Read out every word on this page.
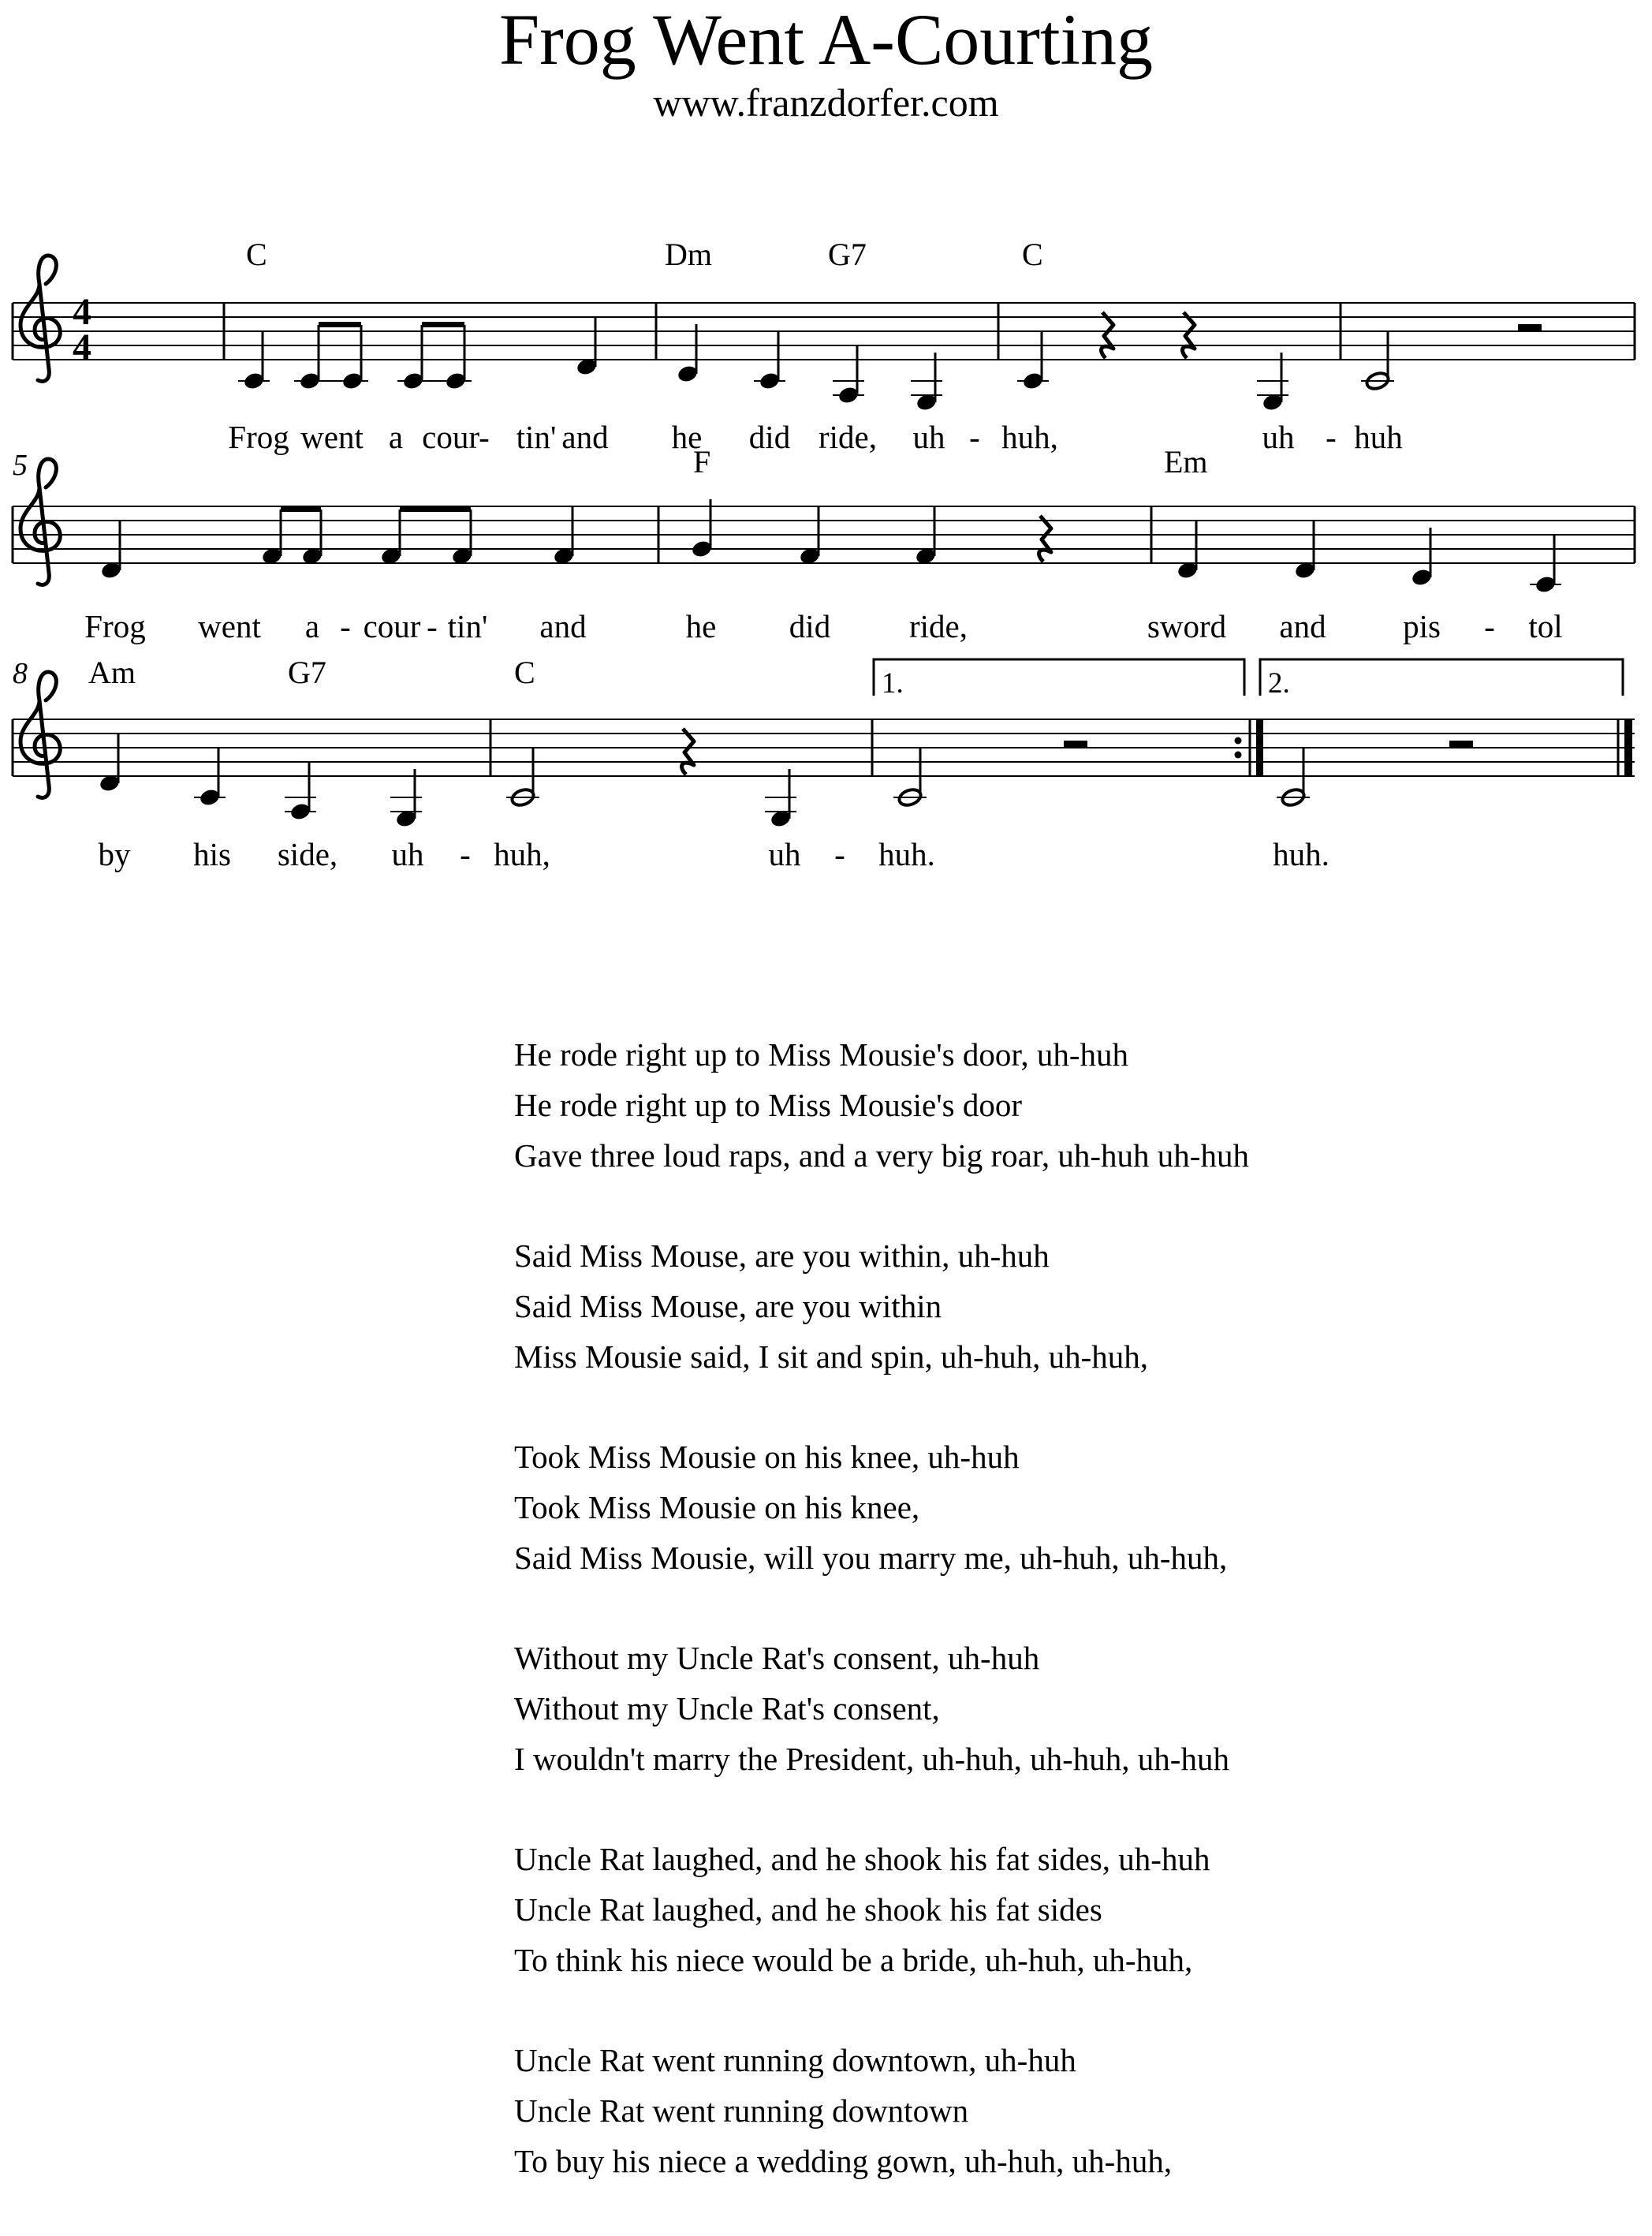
Frog Went A-Courting
www.franzdorfer.com
4
4
C	Dm	G7	C
Frog went a cour- tin' and he did ride, uh - huh,	uh - huh
5	F	Em
Frog went a - cour - tin' and	he did ride,	sword and pis - tol
8	1.	2.
Am	G7	C
by his side, uh - huh,	uh - huh.	huh.
He rode right up to Miss Mousie's door, uh-huh
He rode right up to Miss Mousie's door
Gave three loud raps, and a very big roar, uh-huh uh-huh
Said Miss Mouse, are you within, uh-huh
Said Miss Mouse, are you within
Miss Mousie said, I sit and spin, uh-huh, uh-huh,
Took Miss Mousie on his knee, uh-huh
Took Miss Mousie on his knee,
Said Miss Mousie, will you marry me, uh-huh, uh-huh,
Without my Uncle Rat's consent, uh-huh
Without my Uncle Rat's consent,
I wouldn't marry the President, uh-huh, uh-huh, uh-huh
Uncle Rat laughed, and he shook his fat sides, uh-huh
Uncle Rat laughed, and he shook his fat sides
To think his niece would be a bride, uh-huh, uh-huh,
Uncle Rat went running downtown, uh-huh
Uncle Rat went running downtown
To buy his niece a wedding gown, uh-huh, uh-huh,
